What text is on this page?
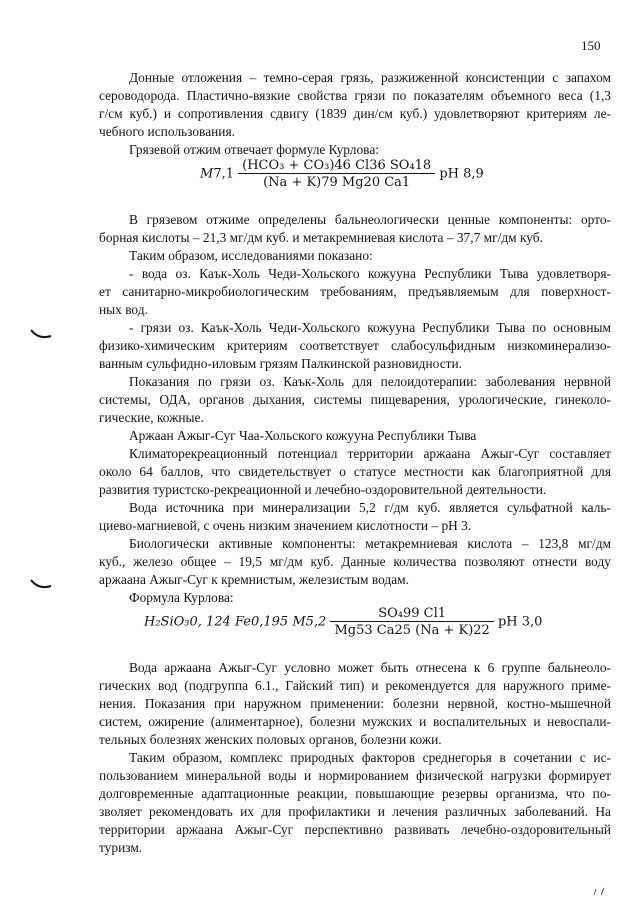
150
Донные отложения – темно-серая грязь, разжиженной консистенции с запахом
сероводорода. Пластично-вязкие свойства грязи по показателям объемного веса (1,3
г/см куб.) и сопротивления сдвигу (1839 дин/см куб.) удовлетворяют критериям ле-
чебного использования.
Грязевой отжим отвечает формуле Курлова:
$M7,1 \frac{\text{(HCO₃ + CO₃)46 Cl36 SO₄18}}{(Na + K)79 Mg20 Ca1}$ pH 8,9
В грязевом отжиме определены бальнеологически ценные компоненты: орто-
борная кислоты – 21,3 мг/дм куб. и метакремниевая кислота – 37,7 мг/дм куб.
Таким образом, исследованиями показано:
- вода оз. Каък-Холь Чеди-Хольского кожууна Республики Тыва удовлетворя-
ет санитарно-микробиологическим требованиям, предъявляемым для поверхност-
ных вод.
- грязи оз. Каък-Холь Чеди-Хольского кожууна Республики Тыва по основным
физико-химическим критериям соответствует слабосульфидным низкоминерализо-
ванным сульфидно-иловым грязям Палкинской разновидности.
Показания по грязи оз. Каък-Холь для пелоидотерапии: заболевания нервной
системы, ОДА, органов дыхания, системы пищеварения, урологические, гинеколо-
гические, кожные.
Аржаан Ажыг-Суг Чаа-Хольского кожууна Республики Тыва
Климаторекреационный потенциал территории аржаана Ажыг-Суг составляет
около 64 баллов, что свидетельствует о статусе местности как благоприятной для
развития туристско-рекреационной и лечебно-оздоровительной деятельности.
Вода источника при минерализации 5,2 г/дм куб. является сульфатной каль-
циево-магниевой, с очень низким значением кислотности – pH 3.
Биологически активные компоненты: метакремниевая кислота – 123,8 мг/дм
куб., железо общее – 19,5 мг/дм куб. Данные количества позволяют отнести воду
аржаана Ажыг-Суг к кремнистым, железистым водам.
Формула Курлова:
H₂SiO₃0, 124 Fe0,195 $M5,2 \frac{\text{SO₄99 Cl1}}{Mg53 Ca25 (Na + K)22}$ pH 3,0
Вода аржаана Ажыг-Суг условно может быть отнесена к 6 группе бальнеоло-
гических вод (подгруппа 6.1., Гайский тип) и рекомендуется для наружного приме-
нения. Показания при наружном применении: болезни нервной, костно-мышечной
систем, ожирение (алиментарное), болезни мужских и воспалительных и невоспали-
тельных болезнях женских половых органов, болезни кожи.
Таким образом, комплекс природных факторов среднегорья в сочетании с ис-
пользованием минеральной воды и нормированием физической нагрузки формирует
долговременные адаптационные реакции, повышающие резервы организма, что по-
зволяет рекомендовать их для профилактики и лечения различных заболеваний. На
территории аржаана Ажыг-Суг перспективно развивать лечебно-оздоровительный
туризм.
